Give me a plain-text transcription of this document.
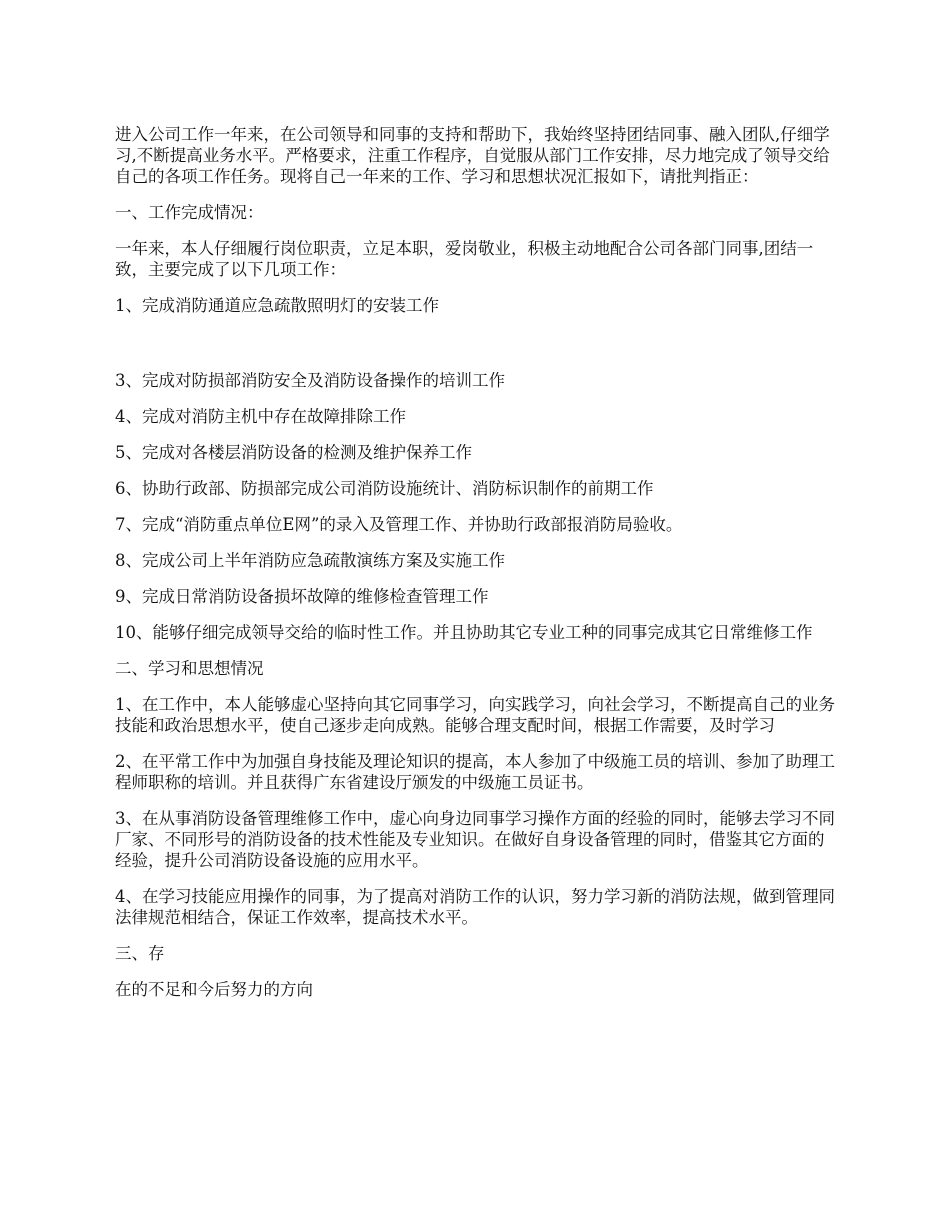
进入公司工作一年来，在公司领导和同事的支持和帮助下，我始终坚持团结同事、融入团队,仔细学习,不断提高业务水平。严格要求，注重工作程序，自觉服从部门工作安排，尽力地完成了领导交给自己的各项工作任务。现将自己一年来的工作、学习和思想状况汇报如下，请批判指正：

一、工作完成情况：

一年来，本人仔细履行岗位职责，立足本职，爱岗敬业，积极主动地配合公司各部门同事,团结一致，主要完成了以下几项工作：

1、完成消防通道应急疏散照明灯的安装工作

3、完成对防损部消防安全及消防设备操作的培训工作

4、完成对消防主机中存在故障排除工作

5、完成对各楼层消防设备的检测及维护保养工作

6、协助行政部、防损部完成公司消防设施统计、消防标识制作的前期工作

7、完成“消防重点单位E网”的录入及管理工作、并协助行政部报消防局验收。

8、完成公司上半年消防应急疏散演练方案及实施工作

9、完成日常消防设备损坏故障的维修检查管理工作

10、能够仔细完成领导交给的临时性工作。并且协助其它专业工种的同事完成其它日常维修工作

二、学习和思想情况

1、在工作中，本人能够虚心坚持向其它同事学习，向实践学习，向社会学习，不断提高自己的业务技能和政治思想水平，使自己逐步走向成熟。能够合理支配时间，根据工作需要，及时学习

2、在平常工作中为加强自身技能及理论知识的提高，本人参加了中级施工员的培训、参加了助理工程师职称的培训。并且获得广东省建设厅颁发的中级施工员证书。

3、在从事消防设备管理维修工作中，虚心向身边同事学习操作方面的经验的同时，能够去学习不同厂家、不同形号的消防设备的技术性能及专业知识。在做好自身设备管理的同时，借鉴其它方面的经验，提升公司消防设备设施的应用水平。

4、在学习技能应用操作的同事，为了提高对消防工作的认识，努力学习新的消防法规，做到管理同法律规范相结合，保证工作效率，提高技术水平。

三、存

在的不足和今后努力的方向
